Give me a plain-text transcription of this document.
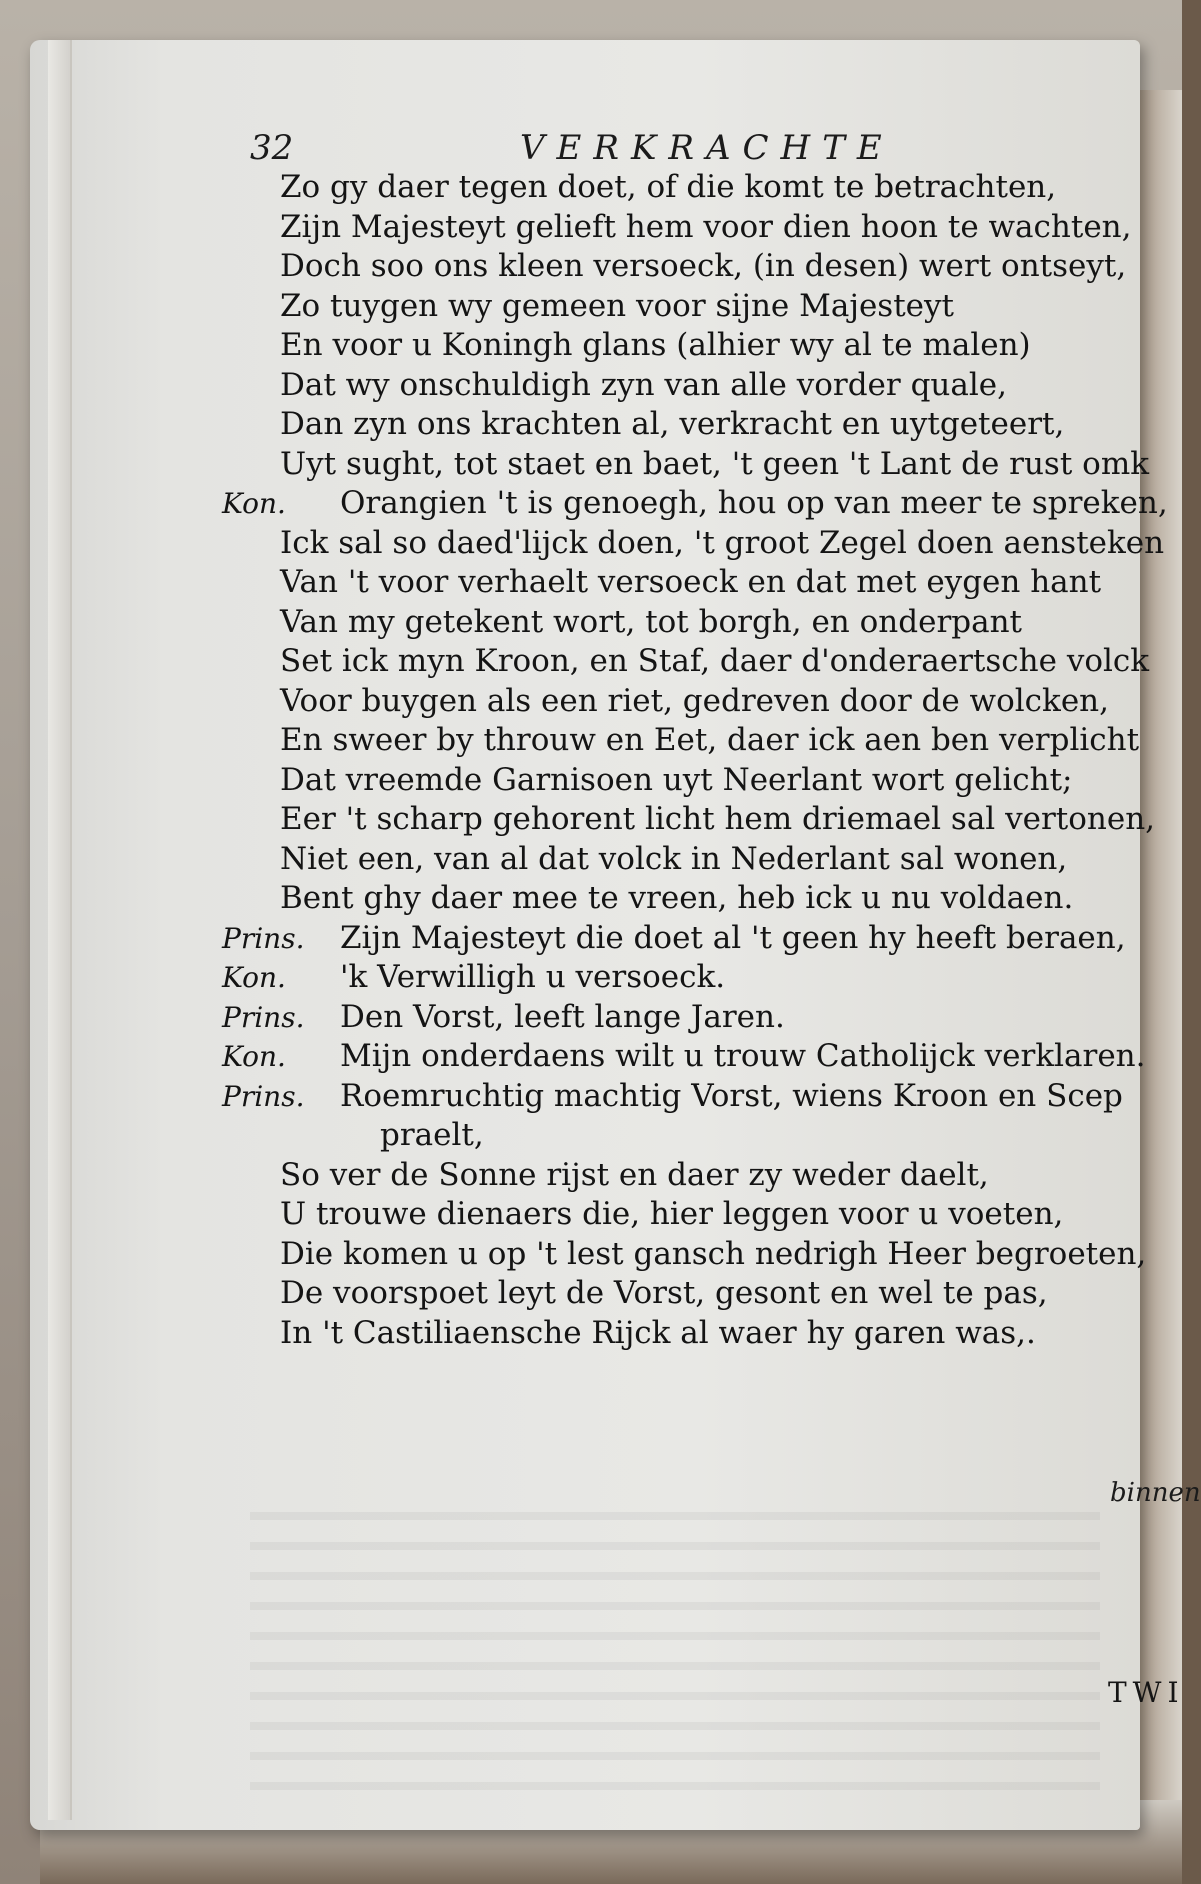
32	VERKRACHTE
Zo gy daer tegen doet, of die komt te betrachten,
Zijn Majesteyt gelieft hem voor dien hoon te wachten,
Doch soo ons kleen versoeck, (in desen) wert ontseyt,
Zo tuygen wy gemeen voor sijne Majesteyt
En voor u Koningh glans (alhier wy al te malen)
Dat wy onschuldigh zyn van alle vorder quale,
Dan zyn ons krachten al, verkracht en uytgeteert,
Uyt sught, tot staet en baet, 't geen 't Lant de rust omk
Kon. Orangien 't is genoegh, hou op van meer te spreken,
Ick sal so daed'lijck doen, 't groot Zegel doen aensteken
Van 't voor verhaelt versoeck en dat met eygen hant
Van my getekent wort, tot borgh, en onderpant
Set ick myn Kroon, en Staf, daer d'onderaertsche volck
Voor buygen als een riet, gedreven door de wolcken,
En sweer by throuw en Eet, daer ick aen ben verplicht
Dat vreemde Garnisoen uyt Neerlant wort gelicht;
Eer 't scharp gehorent licht hem driemael sal vertonen,
Niet een, van al dat volck in Nederlant sal wonen,
Bent ghy daer mee te vreen, heb ick u nu voldaen.
Prins. Zijn Majesteyt die doet al 't geen hy heeft beraen,
Kon. 'k Verwilligh u versoeck.
Prins. Den Vorst, leeft lange Jaren.
Kon. Mijn onderdaens wilt u trouw Catholijck verklaren.
Prins. Roemruchtig machtig Vorst, wiens Kroon en Scep
praelt,
So ver de Sonne rijst en daer zy weder daelt,
U trouwe dienaers die, hier leggen voor u voeten,
Die komen u op 't lest gansch nedrigh Heer begroeten,
De voorspoet leyt de Vorst, gesont en wel te pas,
In 't Castiliaensche Rijck al waer hy garen was,.
binnen
TWI
